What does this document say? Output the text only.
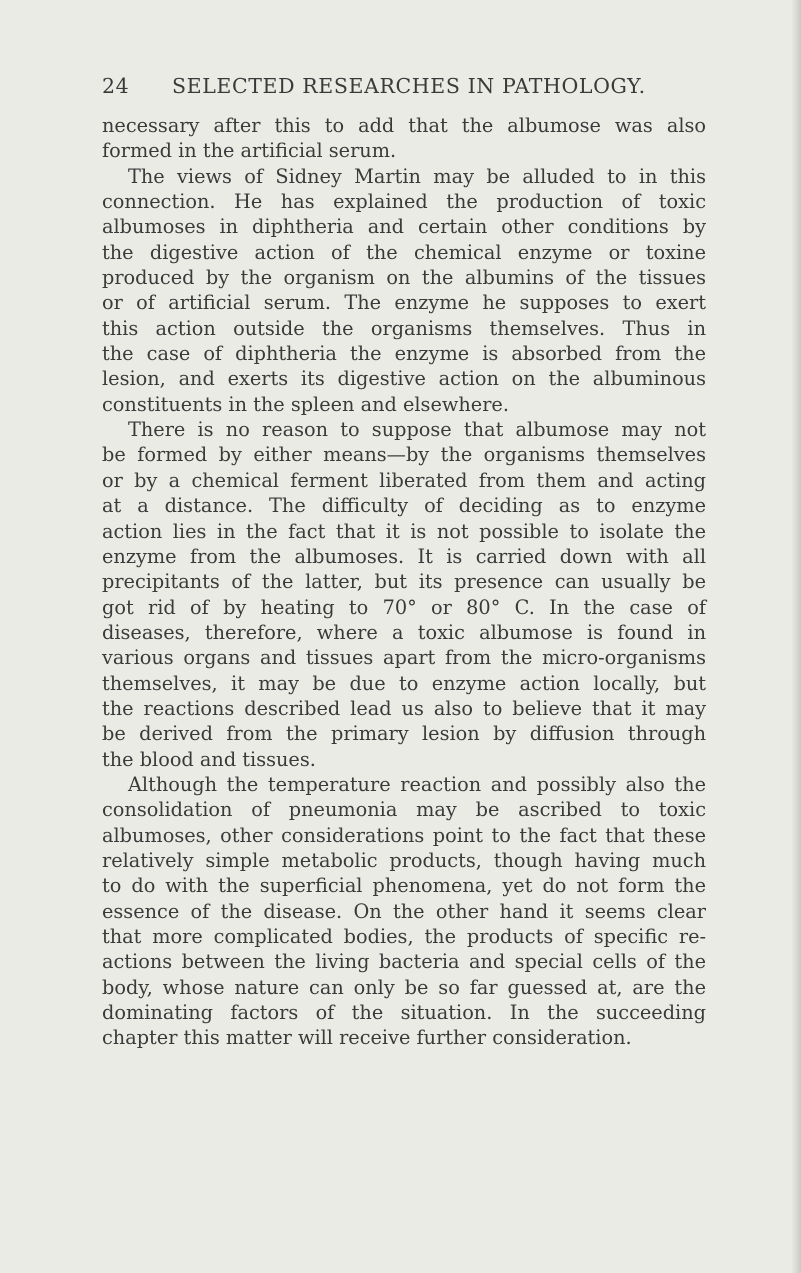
24 SELECTED RESEARCHES IN PATHOLOGY.
necessary after this to add that the albumose was also
formed in the artificial serum.
The views of Sidney Martin may be alluded to in this
connection. He has explained the production of toxic
albumoses in diphtheria and certain other conditions by
the digestive action of the chemical enzyme or toxine
produced by the organism on the albumins of the tissues
or of artificial serum. The enzyme he supposes to exert
this action outside the organisms themselves. Thus in
the case of diphtheria the enzyme is absorbed from the
lesion, and exerts its digestive action on the albuminous
constituents in the spleen and elsewhere.
There is no reason to suppose that albumose may not
be formed by either means—by the organisms themselves
or by a chemical ferment liberated from them and acting
at a distance. The difficulty of deciding as to enzyme
action lies in the fact that it is not possible to isolate the
enzyme from the albumoses. It is carried down with all
precipitants of the latter, but its presence can usually be
got rid of by heating to 70° or 80° C. In the case of
diseases, therefore, where a toxic albumose is found in
various organs and tissues apart from the micro-organisms
themselves, it may be due to enzyme action locally, but
the reactions described lead us also to believe that it may
be derived from the primary lesion by diffusion through
the blood and tissues.
Although the temperature reaction and possibly also the
consolidation of pneumonia may be ascribed to toxic
albumoses, other considerations point to the fact that these
relatively simple metabolic products, though having much
to do with the superficial phenomena, yet do not form the
essence of the disease. On the other hand it seems clear
that more complicated bodies, the products of specific re-
actions between the living bacteria and special cells of the
body, whose nature can only be so far guessed at, are the
dominating factors of the situation. In the succeeding
chapter this matter will receive further consideration.
